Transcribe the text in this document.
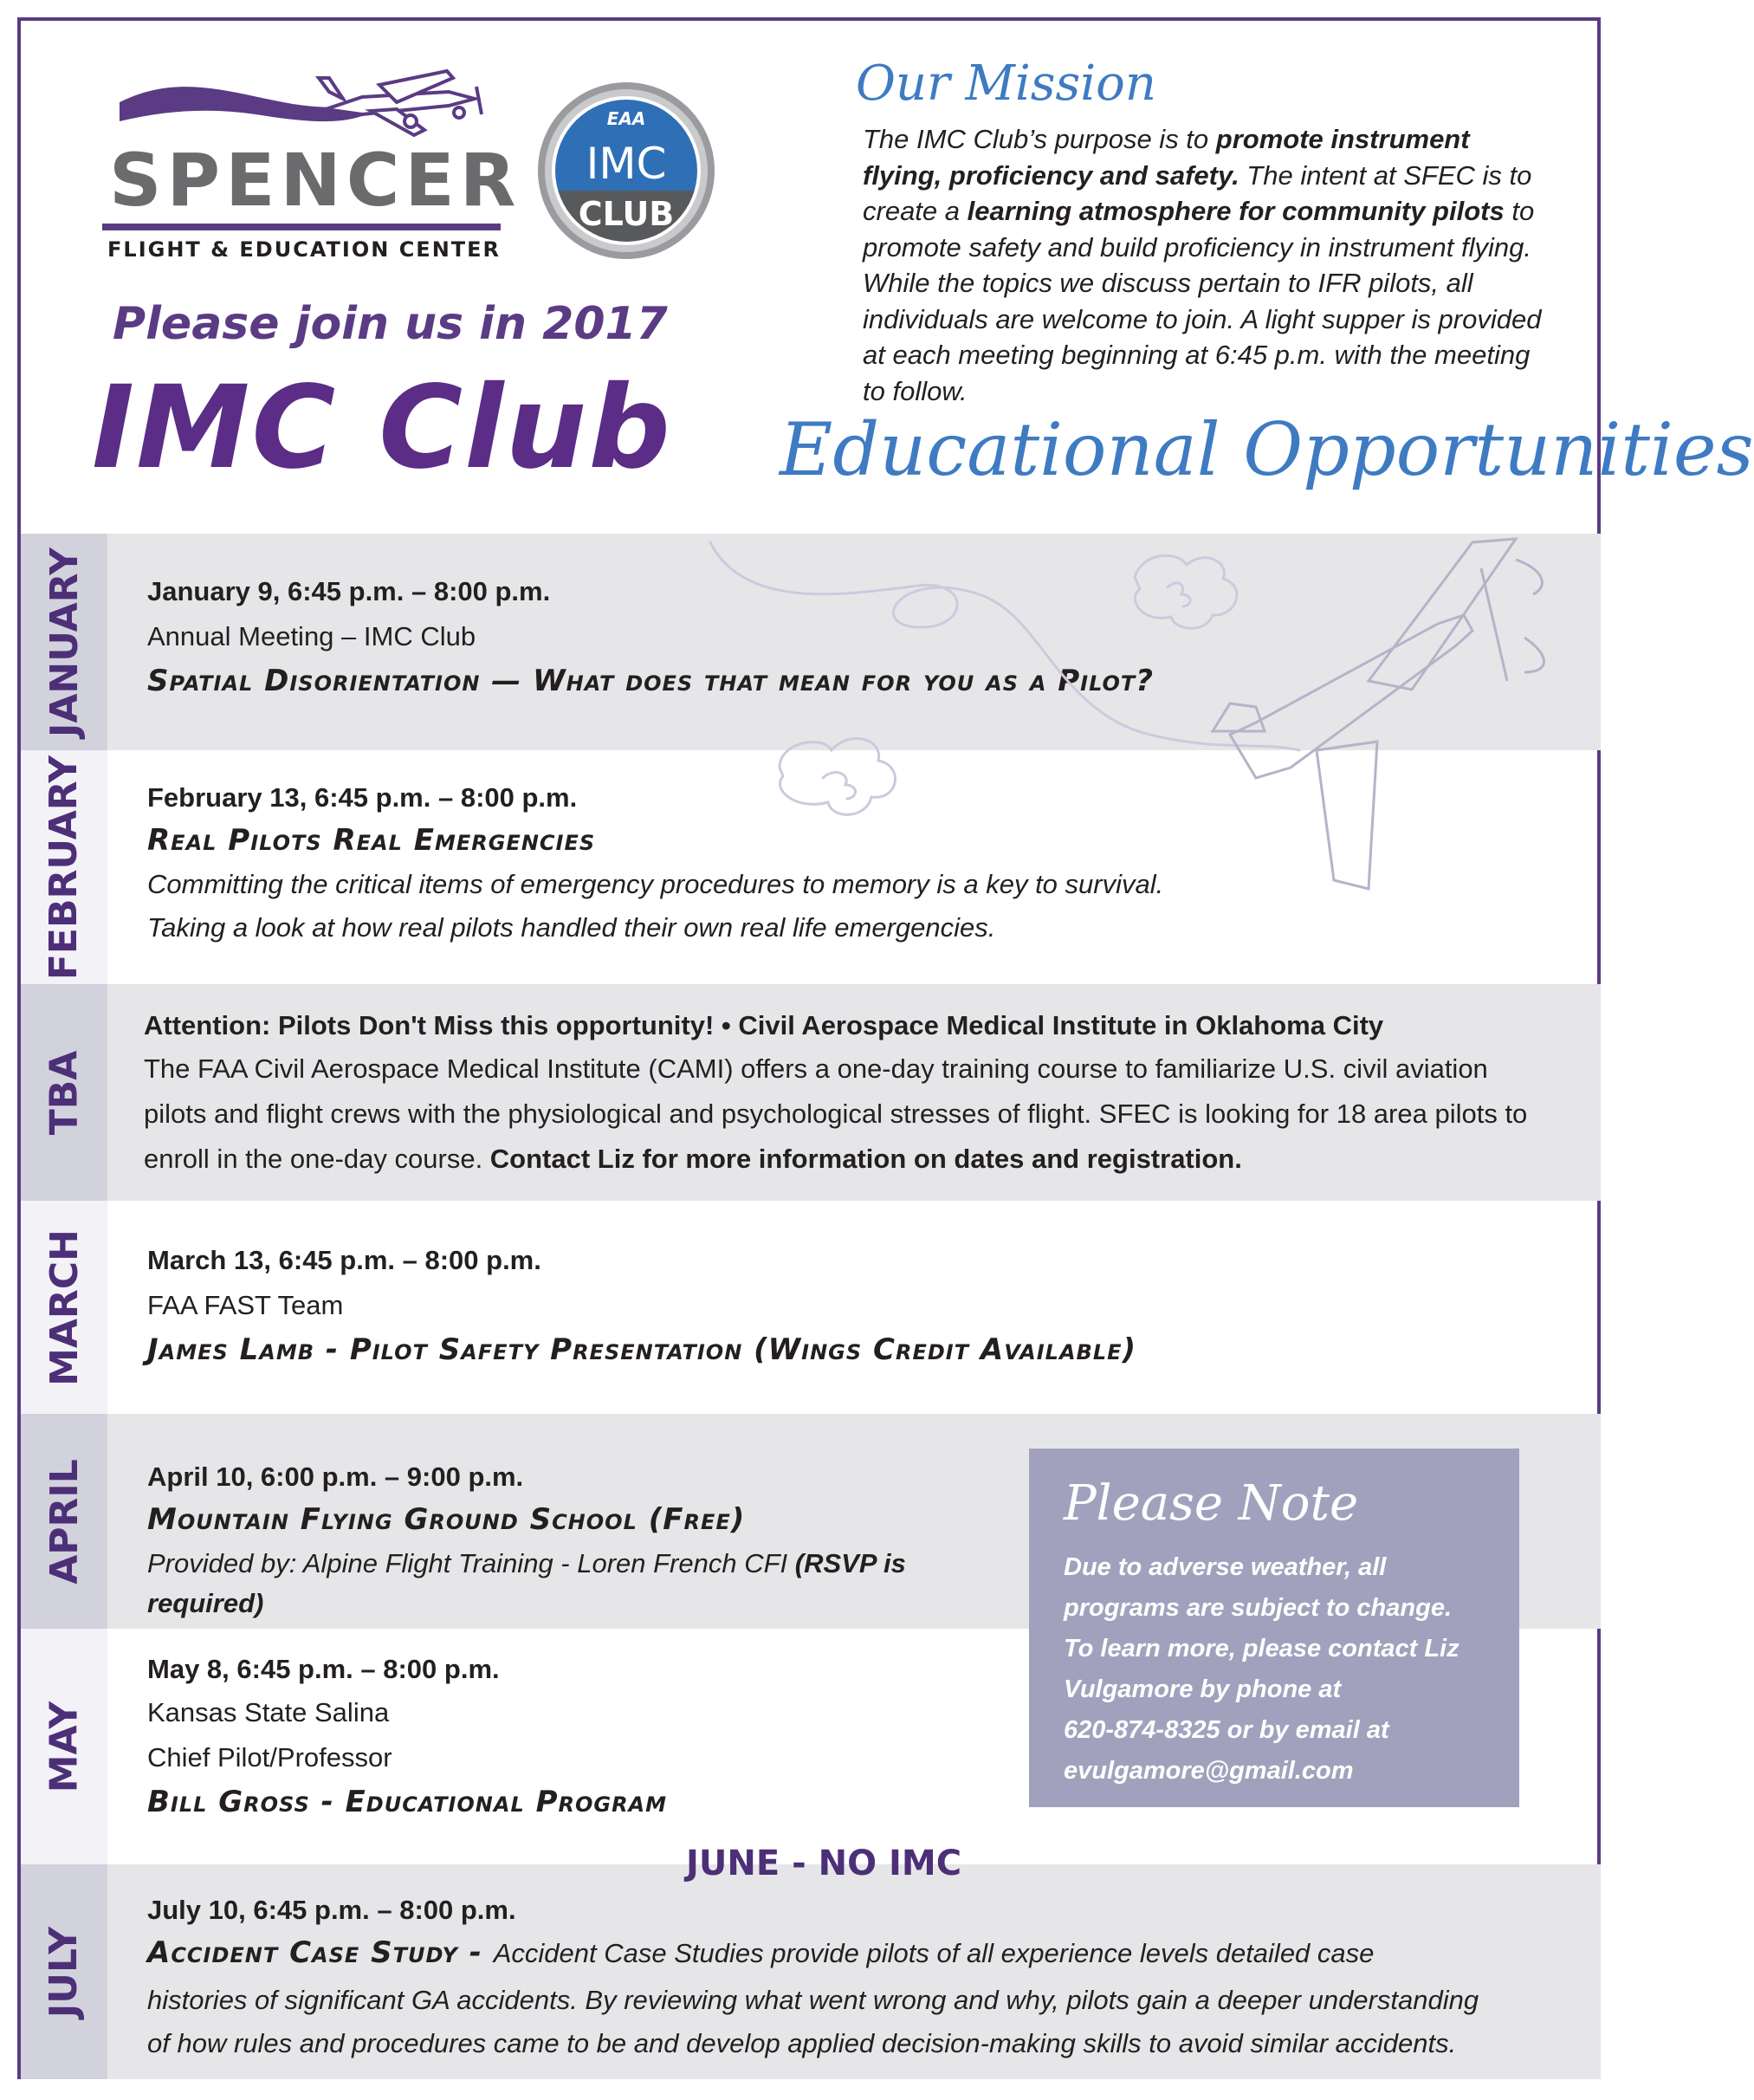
SPENCER
FLIGHT & EDUCATION CENTER
EAA
IMC
CLUB
Our Mission
The IMC Club’s purpose is to promote instrument flying, proficiency and safety. The intent at SFEC is to create a learning atmosphere for community pilots to promote safety and build proficiency in instrument flying. While the topics we discuss pertain to IFR pilots, all individuals are welcome to join. A light supper is provided at each meeting beginning at 6:45 p.m. with the meeting to follow.
Please join us in 2017
IMC Club Educational Opportunities
JANUARY January 9, 6:45 p.m. – 8:00 p.m.
Annual Meeting – IMC Club
Spatial Disorientation — What does that mean for you as a Pilot?
FEBRUARY February 13, 6:45 p.m. – 8:00 p.m.
Real Pilots Real Emergencies
Committing the critical items of emergency procedures to memory is a key to survival.
Taking a look at how real pilots handled their own real life emergencies.
TBA
Attention: Pilots Don't Miss this opportunity! • Civil Aerospace Medical Institute in Oklahoma City
The FAA Civil Aerospace Medical Institute (CAMI) offers a one-day training course to familiarize U.S. civil aviation pilots and flight crews with the physiological and psychological stresses of flight. SFEC is looking for 18 area pilots to enroll in the one-day course. Contact Liz for more information on dates and registration.
MARCH March 13, 6:45 p.m. – 8:00 p.m.
FAA FAST Team
James Lamb - Pilot Safety Presentation (Wings Credit Available)
APRIL April 10, 6:00 p.m. – 9:00 p.m.
Mountain Flying Ground School (Free)
Provided by: Alpine Flight Training - Loren French CFI (RSVP is required)
MAY
May 8, 6:45 p.m. – 8:00 p.m.
Kansas State Salina
Chief Pilot/Professor
Bill Gross - Educational Program
Please Note
Due to adverse weather, all
programs are subject to change.
To learn more, please contact Liz
Vulgamore by phone at
620-874-8325 or by email at
evulgamore@gmail.com
JULY
July 10, 6:45 p.m. – 8:00 p.m.
Accident Case Study - Accident Case Studies provide pilots of all experience levels detailed case
histories of significant GA accidents. By reviewing what went wrong and why, pilots gain a deeper understanding
of how rules and procedures came to be and develop applied decision-making skills to avoid similar accidents.
JUNE - NO IMC
